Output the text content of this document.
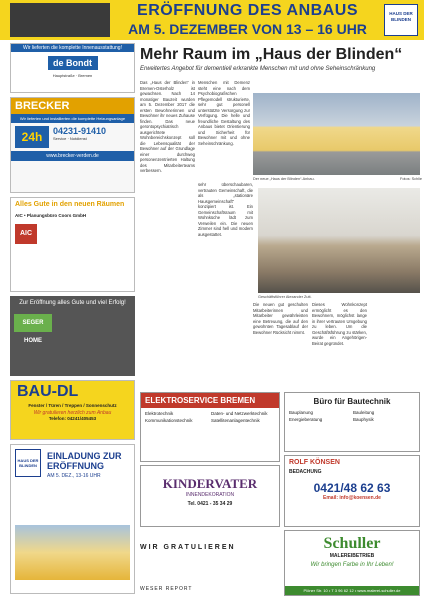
ERÖFFNUNG DES ANBAUS
AM 5. DEZEMBER VON 13 – 16 UHR
HAUS DER BLINDEN
Wir lieferten die komplette Innenausstattung!
de Bondt
Hauptstraße · Bremen
BRECKER
Wir lieferten und installierten die komplette Heizungsanlage
24h	04231-91410
Service · Notdienst
www.brecker-verden.de
Alles Gute in den neuen Räumen
AIC • Planungsbüro Coors GmbH
AIC
Zur Eröffnung alles Gute und viel Erfolg!
SEGER HOME
BAU-DL
Fenster / Türen / Treppen / Sonnenschutz
Wir gratulieren herzlich zum Anbau
Telefon: 04241/405453
HAUS DER BLINDEN
EINLADUNG ZUR ERÖFFNUNG
AM 5. DEZ., 13-16 UHR
Mehr Raum im „Haus der Blinden“
Erweitertes Angebot für dementiell erkrankte Menschen mit und ohne Seheinschränkung
Das „Haus der Blinden“ in Bremen-Osterholz ist gewachsen. Nach 14 monatiger Bauzeit wurden am 5. Dezember 2017 die ersten Bewohnerinnen und Bewohner ihr neues Zuhause finden. Das neue gerontopsychiatrisch ausgerichtete Wohnbereichskonzept soll die Lebensqualität der Bewohner auf der Grundlage einer durchweg personenzentrierten Haltung des Mitarbeiterteams verbessern.
Menschen mit Demenz steht eine nach dem Psychobiografischen Pflegemodell strukturierte, sehr gut personell unterstützte Versorgung zur Verfügung. Die helle und freundliche Gestaltung des Anbaus bietet Orientierung und Sicherheit für Bewohner mit und ohne Seheinschränkung.
Der neue „Haus der Blinden“-Anbau.	Fotos: Schlie
sehr überschaubaren, vertrauten Gemeinschaft, die als „stationäre Hausgemeinschaft“ konzipiert ist. Ein Gemeinschaftsraum mit Wohnküche lädt zum Verweilen ein. Die neuen Zimmer sind hell und modern ausgestattet.
Geschäftsführer Alexander Zutt.
Die neuen gut geschulten Mitarbeiterinnen und Mitarbeiter gewährleisten eine Betreuung, die auf den gewohnten Tagesablauf der Bewohner Rücksicht nimmt.
Dieses Wohnkonzept ermöglicht es den Bewohnern, möglichst lange in ihrer vertrauten Umgebung zu leben. Um die Geschäftsführung zu stärken, wurde ein Angehörigen-Beirat gegründet.
ELEKTROSERVICE BREMEN
Elektrotechnik	Daten- und Netzwerktechnik
Kommunikationstechnik	Satellitenanlagentechnik
KINDERVATER
INNENDEKORATION
Tel. 0421 - 35 34 29
WIR GRATULIEREN
WESER REPORT
Büro für Bautechnik
Bauplanung	Bauleitung
Energieberatung	Bauphysik
ROLF KÖNSEN
BEDACHUNG
0421/48 62 63
Email: info@koensen.de
Schuller
MALEREIBETRIEB
Wir bringen Farbe in Ihr Leben!
Plöner Str. 10 • T 3 96 62 12 • www.malerei-schuller.de
